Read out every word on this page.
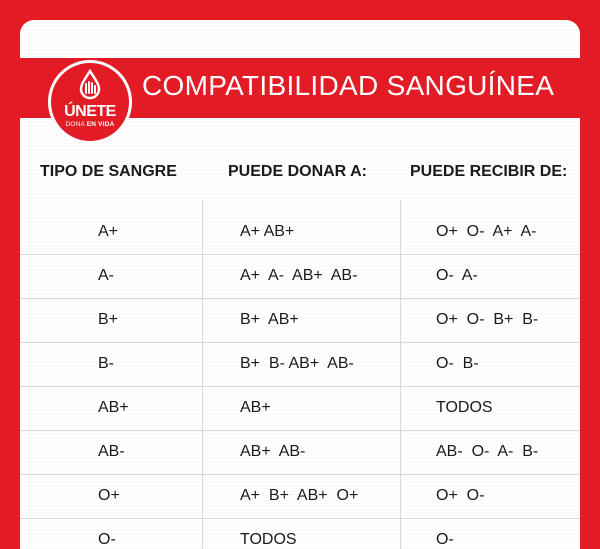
COMPATIBILIDAD SANGUÍNEA
ÚNETE
DONA EN VIDA
TIPO DE SANGRE	PUEDE DONAR A:	PUEDE RECIBIR DE:
A+	A+ AB+	O+  O-  A+  A-
A-	A+  A-  AB+  AB-	O-  A-
B+	B+  AB+	O+  O-  B+  B-
B-	B+  B- AB+  AB-	O-  B-
AB+	AB+	TODOS
AB-	AB+  AB-	AB-  O-  A-  B-
O+	A+  B+  AB+  O+	O+  O-
O-	TODOS	O-
